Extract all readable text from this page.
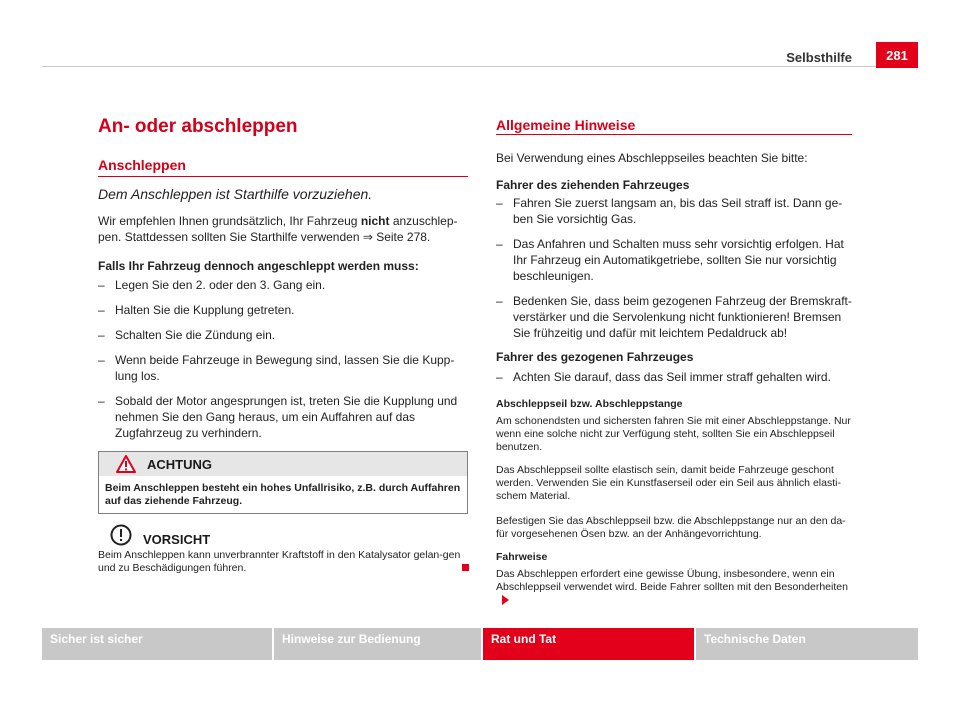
Selbsthilfe	281
An- oder abschleppen
Anschleppen
Dem Anschleppen ist Starthilfe vorzuziehen.

Wir empfehlen Ihnen grundsätzlich, Ihr Fahrzeug nicht anzuschlep-pen. Stattdessen sollten Sie Starthilfe verwenden ⇒ Seite 278.

Falls Ihr Fahrzeug dennoch angeschleppt werden muss:
– Legen Sie den 2. oder den 3. Gang ein.
– Halten Sie die Kupplung getreten.
– Schalten Sie die Zündung ein.
– Wenn beide Fahrzeuge in Bewegung sind, lassen Sie die Kupp-lung los.
– Sobald der Motor angesprungen ist, treten Sie die Kupplung und nehmen Sie den Gang heraus, um ein Auffahren auf das Zugfahrzeug zu verhindern.
ACHTUNG
Beim Anschleppen besteht ein hohes Unfallrisiko, z.B. durch Auffahren auf das ziehende Fahrzeug.
VORSICHT
Beim Anschleppen kann unverbrannter Kraftstoff in den Katalysator gelan-gen und zu Beschädigungen führen.
Allgemeine Hinweise

Bei Verwendung eines Abschleppseiles beachten Sie bitte:

Fahrer des ziehenden Fahrzeuges
– Fahren Sie zuerst langsam an, bis das Seil straff ist. Dann ge-ben Sie vorsichtig Gas.
– Das Anfahren und Schalten muss sehr vorsichtig erfolgen. Hat Ihr Fahrzeug ein Automatikgetriebe, sollten Sie nur vorsichtig beschleunigen.
– Bedenken Sie, dass beim gezogenen Fahrzeug der Bremskraft-verstärker und die Servolenkung nicht funktionieren! Bremsen Sie frühzeitig und dafür mit leichtem Pedaldruck ab!
Fahrer des gezogenen Fahrzeuges
– Achten Sie darauf, dass das Seil immer straff gehalten wird.
Abschleppseil bzw. Abschleppstange

Am schonendsten und sichersten fahren Sie mit einer Abschleppstange. Nur wenn eine solche nicht zur Verfügung steht, sollten Sie ein Abschleppseil benutzen.

Das Abschleppseil sollte elastisch sein, damit beide Fahrzeuge geschont werden. Verwenden Sie ein Kunstfaserseil oder ein Seil aus ähnlich elasti-schem Material.

Befestigen Sie das Abschleppseil bzw. die Abschleppstange nur an den da-für vorgesehenen Ösen bzw. an der Anhängevorrichtung.

Fahrweise

Das Abschleppen erfordert eine gewisse Übung, insbesondere, wenn ein Abschleppseil verwendet wird. Beide Fahrer sollten mit den Besonderheiten

Sicher ist sicher	Hinweise zur Bedienung	Rat und Tat	Technische Daten
